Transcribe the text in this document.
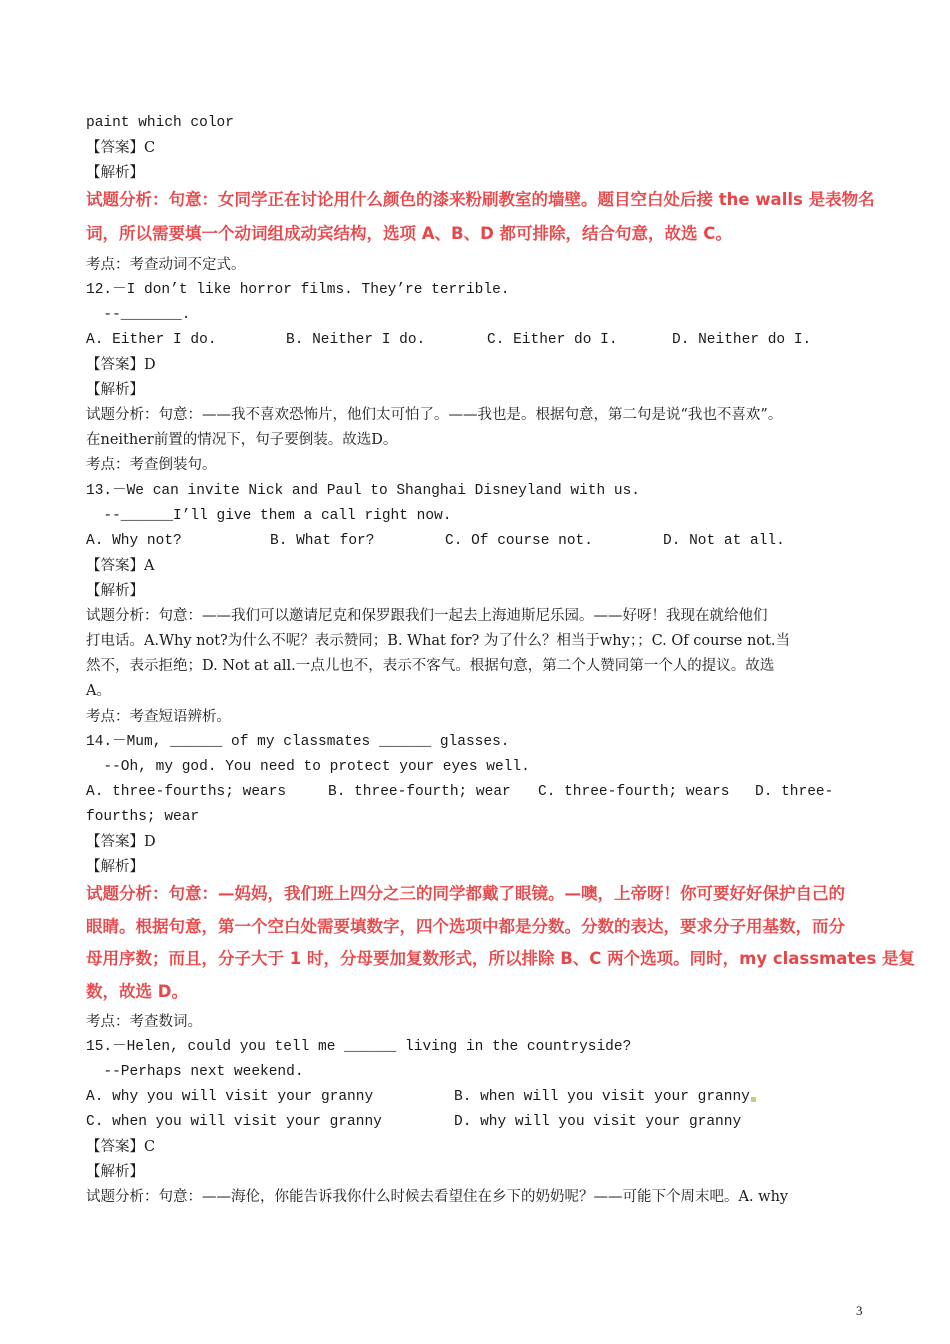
paint which color
【答案】C
【解析】
试题分析：句意：女同学正在讨论用什么颜色的漆来粉刷教室的墙壁。题目空白处后接 the walls 是表物名
词，所以需要填一个动词组成动宾结构，选项 A、B、D 都可排除，结合句意，故选 C。
考点：考查动词不定式。
12.－I don’t like horror films. They’re terrible.
--_______.
A. Either I do.	B. Neither I do.	C. Either do I.	D. Neither do I.
【答案】D
【解析】
试题分析：句意：——我不喜欢恐怖片，他们太可怕了。——我也是。根据句意，第二句是说“我也不喜欢”。
在neither前置的情况下，句子要倒装。故选D。
考点：考查倒装句。
13.－We can invite Nick and Paul to Shanghai Disneyland with us.
--______I’ll give them a call right now.
A. Why not?	B. What for?	C. Of course not.	D. Not at all.
【答案】A
【解析】
试题分析：句意：——我们可以邀请尼克和保罗跟我们一起去上海迪斯尼乐园。——好呀！我现在就给他们
打电话。A.Why not?为什么不呢？表示赞同；B. What for? 为了什么？相当于why；；C. Of course not.当
然不，表示拒绝；D. Not at all.一点儿也不，表示不客气。根据句意，第二个人赞同第一个人的提议。故选
A。
考点：考查短语辨析。
14.－Mum, ______ of my classmates ______ glasses.
--Oh, my god. You need to protect your eyes well.
A. three-fourths; wears	B. three-fourth; wear C. three-fourth; wears D. three-
fourths; wear
【答案】D
【解析】
试题分析：句意：—妈妈，我们班上四分之三的同学都戴了眼镜。—噢，上帝呀！你可要好好保护自己的
眼睛。根据句意，第一个空白处需要填数字，四个选项中都是分数。分数的表达，要求分子用基数，而分
母用序数；而且，分子大于 1 时，分母要加复数形式，所以排除 B、C 两个选项。同时，my classmates 是复
数，故选 D。
考点：考查数词。
15.－Helen, could you tell me ______ living in the countryside?
--Perhaps next weekend.
A. why you will visit your granny	B. when will you visit your granny
C. when you will visit your granny	D. why will you visit your granny
【答案】C
【解析】
试题分析：句意：——海伦，你能告诉我你什么时候去看望住在乡下的奶奶呢？——可能下个周末吧。A. why
3
